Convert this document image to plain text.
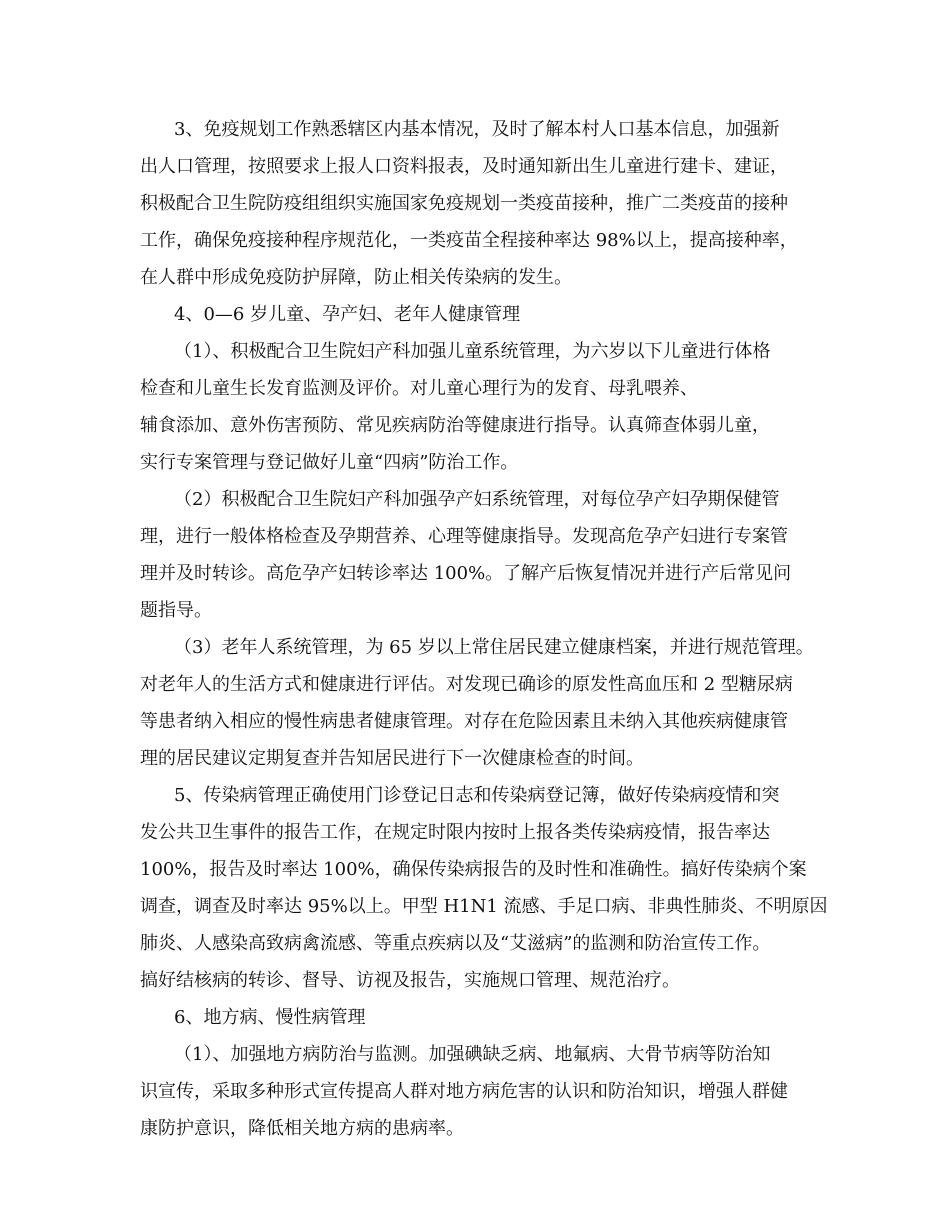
3、免疫规划工作熟悉辖区内基本情况，及时了解本村人口基本信息，加强新

出人口管理，按照要求上报人口资料报表，及时通知新出生儿童进行建卡、建证，

积极配合卫生院防疫组组织实施国家免疫规划一类疫苗接种，推广二类疫苗的接种

工作，确保免疫接种程序规范化，一类疫苗全程接种率达 98%以上，提高接种率，

在人群中形成免疫防护屏障，防止相关传染病的发生。

4、0—6 岁儿童、孕产妇、老年人健康管理

（1）、积极配合卫生院妇产科加强儿童系统管理，为六岁以下儿童进行体格

检查和儿童生长发育监测及评价。对儿童心理行为的发育、母乳喂养、

辅食添加、意外伤害预防、常见疾病防治等健康进行指导。认真筛查体弱儿童，

实行专案管理与登记做好儿童“四病”防治工作。

（2）积极配合卫生院妇产科加强孕产妇系统管理，对每位孕产妇孕期保健管

理，进行一般体格检查及孕期营养、心理等健康指导。发现高危孕产妇进行专案管

理并及时转诊。高危孕产妇转诊率达 100%。了解产后恢复情况并进行产后常见问

题指导。

（3）老年人系统管理，为 65 岁以上常住居民建立健康档案，并进行规范管理。

对老年人的生活方式和健康进行评估。对发现已确诊的原发性高血压和 2 型糖尿病

等患者纳入相应的慢性病患者健康管理。对存在危险因素且未纳入其他疾病健康管

理的居民建议定期复查并告知居民进行下一次健康检查的时间。

5、传染病管理正确使用门诊登记日志和传染病登记簿，做好传染病疫情和突

发公共卫生事件的报告工作，在规定时限内按时上报各类传染病疫情，报告率达

100%，报告及时率达 100%，确保传染病报告的及时性和准确性。搞好传染病个案

调查，调查及时率达 95%以上。甲型 H1N1 流感、手足口病、非典性肺炎、不明原因

肺炎、人感染高致病禽流感、等重点疾病以及“艾滋病”的监测和防治宣传工作。

搞好结核病的转诊、督导、访视及报告，实施规口管理、规范治疗。

6、地方病、慢性病管理

（1）、加强地方病防治与监测。加强碘缺乏病、地氟病、大骨节病等防治知

识宣传，采取多种形式宣传提高人群对地方病危害的认识和防治知识，增强人群健

康防护意识，降低相关地方病的患病率。
